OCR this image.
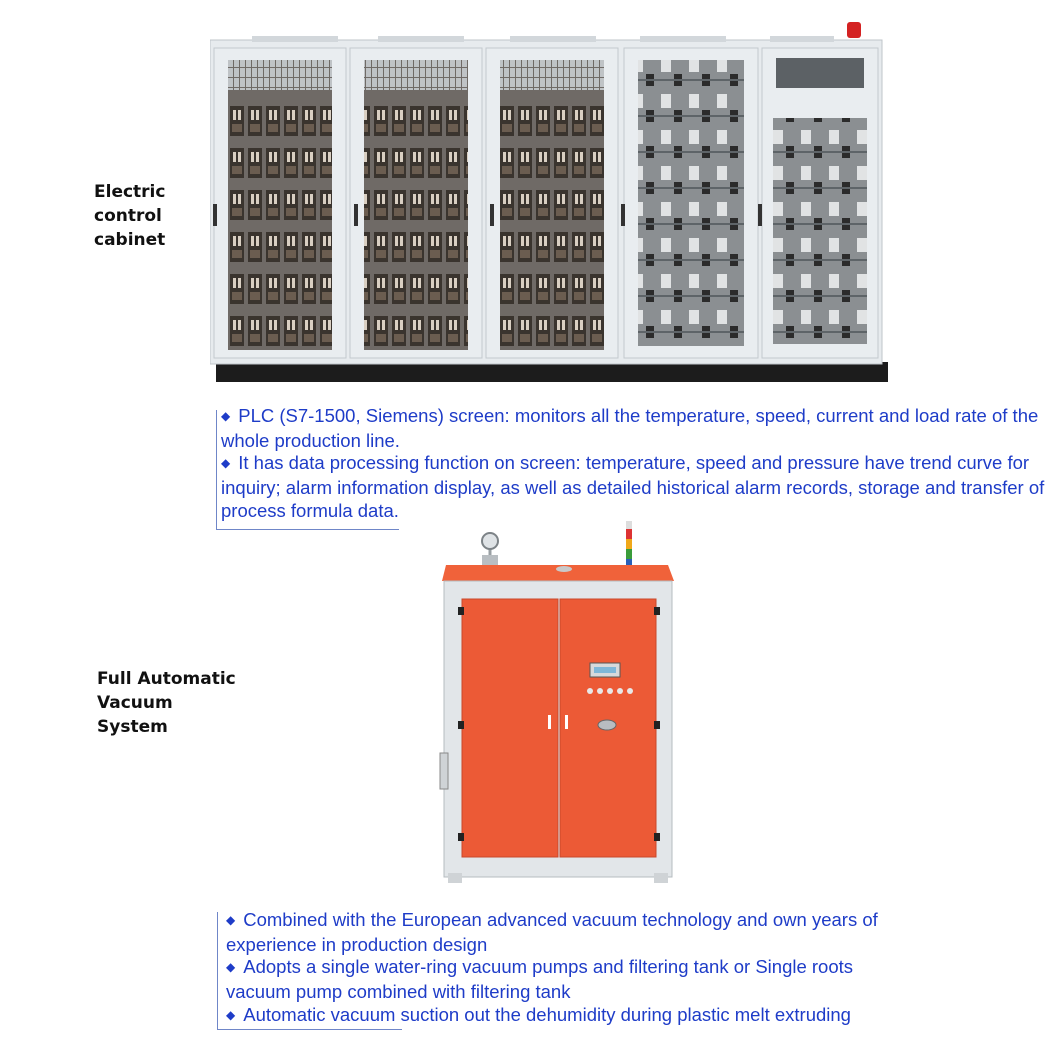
Electric
control
cabinet
◆ PLC (S7-1500, Siemens) screen: monitors all the temperature, speed, current and load rate of the whole production line.
◆ It has data processing function on screen: temperature, speed and pressure have trend curve for inquiry; alarm information display, as well as detailed historical alarm records, storage and transfer of process formula data.
Full Automatic
Vacuum
System
◆ Combined with the European advanced vacuum technology and own years of experience in production design
◆ Adopts a single water-ring vacuum pumps and filtering tank or Single roots vacuum pump combined with filtering tank
◆ Automatic vacuum suction out the dehumidity during plastic melt extruding
